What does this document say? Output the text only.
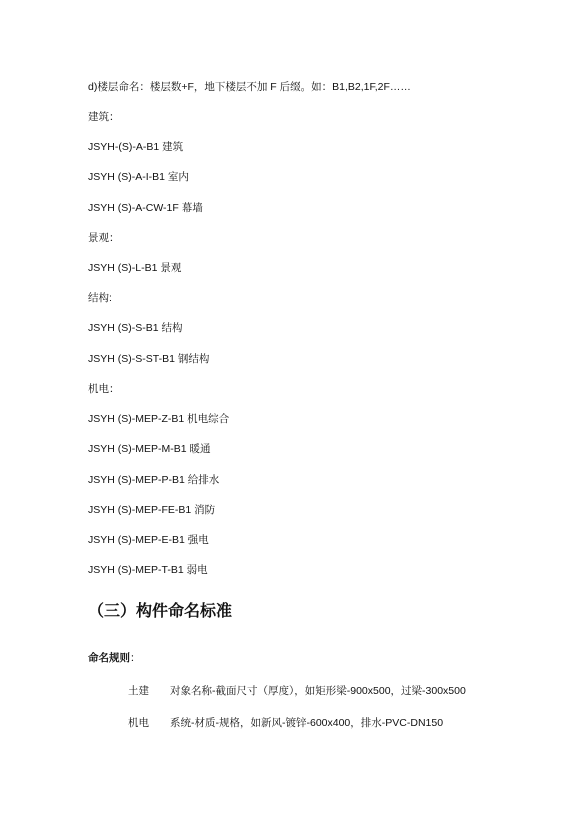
d)楼层命名：楼层数+F，地下楼层不加 F 后缀。如：B1,B2,1F,2F……
建筑：
JSYH-(S)-A-B1 建筑
JSYH (S)-A-I-B1 室内
JSYH (S)-A-CW-1F 幕墙
景观：
JSYH (S)-L-B1 景观
结构:
JSYH (S)-S-B1 结构
JSYH (S)-S-ST-B1 钢结构
机电：
JSYH (S)-MEP-Z-B1 机电综合
JSYH (S)-MEP-M-B1 暖通
JSYH (S)-MEP-P-B1 给排水
JSYH (S)-MEP-FE-B1 消防
JSYH (S)-MEP-E-B1 强电
JSYH (S)-MEP-T-B1 弱电
（三）构件命名标准
命名规则：
土建 对象名称-截面尺寸（厚度），如矩形梁-900x500，过梁-300x500
机电 系统-材质-规格，如新风-镀锌-600x400，排水-PVC-DN150
